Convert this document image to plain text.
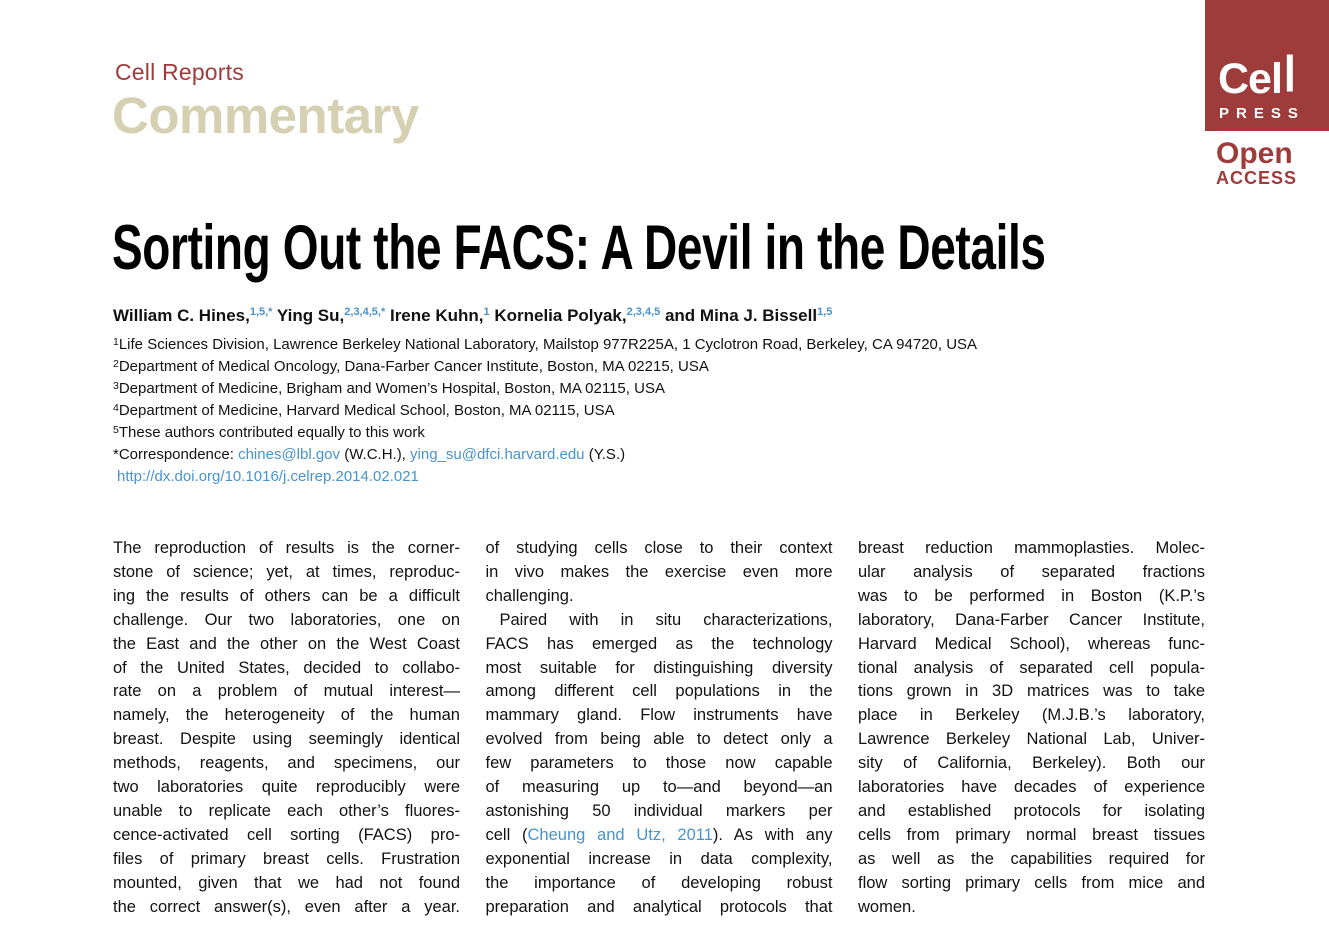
Cell Reports
Commentary
Cell
PRESS
Open
ACCESS
Sorting Out the FACS: A Devil in the Details
William C. Hines,$^{1,5,*}$ Ying Su,$^{2,3,4,5,*}$ Irene Kuhn,$^1$ Kornelia Polyak,$^{2,3,4,5}$ and Mina J. Bissell$^{1,5}$
$^1$Life Sciences Division, Lawrence Berkeley National Laboratory, Mailstop 977R225A, 1 Cyclotron Road, Berkeley, CA 94720, USA
$^2$Department of Medical Oncology, Dana-Farber Cancer Institute, Boston, MA 02215, USA
$^3$Department of Medicine, Brigham and Women’s Hospital, Boston, MA 02115, USA
$^4$Department of Medicine, Harvard Medical School, Boston, MA 02115, USA
$^5$These authors contributed equally to this work
*Correspondence: chines@lbl.gov (W.C.H.), ying_su@dfci.harvard.edu (Y.S.)
http://dx.doi.org/10.1016/j.celrep.2014.02.021
The reproduction of results is the corner-
stone of science; yet, at times, reproduc-
ing the results of others can be a difficult
challenge. Our two laboratories, one on
the East and the other on the West Coast
of the United States, decided to collabo-
rate on a problem of mutual interest—
namely, the heterogeneity of the human
breast. Despite using seemingly identical
methods, reagents, and specimens, our
two laboratories quite reproducibly were
unable to replicate each other’s fluores-
cence-activated cell sorting (FACS) pro-
files of primary breast cells. Frustration
mounted, given that we had not found
the correct answer(s), even after a year.
of studying cells close to their context
in vivo makes the exercise even more
challenging.
Paired with in situ characterizations,
FACS has emerged as the technology
most suitable for distinguishing diversity
among different cell populations in the
mammary gland. Flow instruments have
evolved from being able to detect only a
few parameters to those now capable
of measuring up to—and beyond—an
astonishing 50 individual markers per
cell (Cheung and Utz, 2011). As with any
exponential increase in data complexity,
the importance of developing robust
preparation and analytical protocols that
breast reduction mammoplasties. Molec-
ular analysis of separated fractions
was to be performed in Boston (K.P.’s
laboratory, Dana-Farber Cancer Institute,
Harvard Medical School), whereas func-
tional analysis of separated cell popula-
tions grown in 3D matrices was to take
place in Berkeley (M.J.B.’s laboratory,
Lawrence Berkeley National Lab, Univer-
sity of California, Berkeley). Both our
laboratories have decades of experience
and established protocols for isolating
cells from primary normal breast tissues
as well as the capabilities required for
flow sorting primary cells from mice and
women.
